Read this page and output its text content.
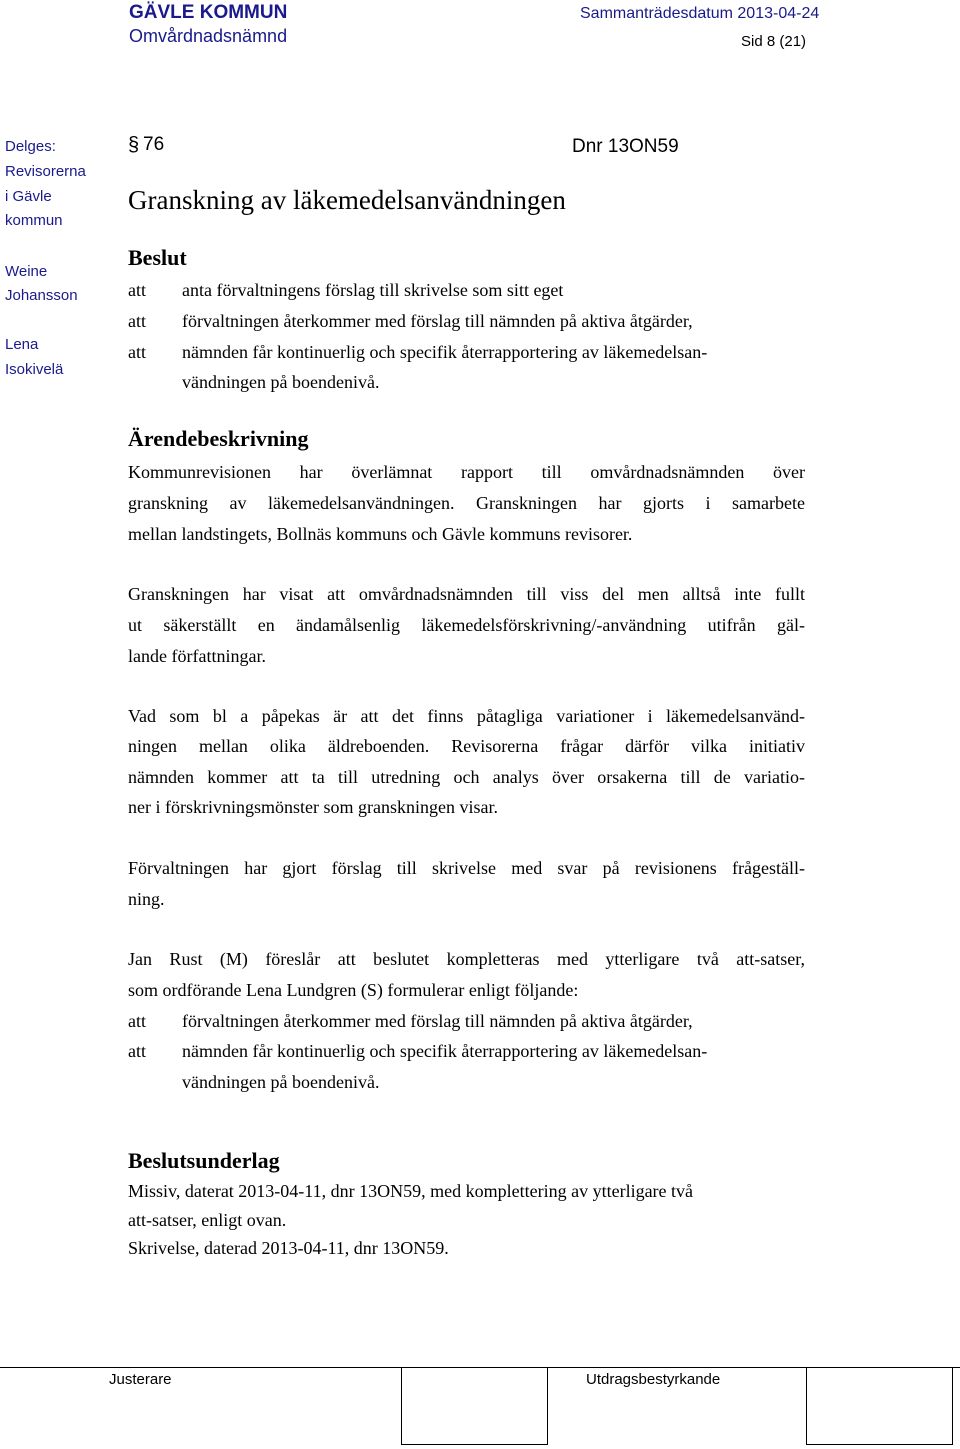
GÄVLE KOMMUN
Omvårdnadsnämnd
Sammanträdesdatum 2013-04-24
Sid 8 (21)
Delges:
Revisorerna
i Gävle
kommun
Weine
Johansson
Lena
Isokivelä
§ 76	Dnr 13ON59
Granskning av läkemedelsanvändningen
Beslut
att anta förvaltningens förslag till skrivelse som sitt eget
att förvaltningen återkommer med förslag till nämnden på aktiva åtgärder,
att nämnden får kontinuerlig och specifik återrapportering av läkemedelsan-
vändningen på boendenivå.
Ärendebeskrivning
Kommunrevisionen har överlämnat rapport till omvårdnadsnämnden över
granskning av läkemedelsanvändningen. Granskningen har gjorts i samarbete
mellan landstingets, Bollnäs kommuns och Gävle kommuns revisorer.
Granskningen har visat att omvårdnadsnämnden till viss del men alltså inte fullt
ut säkerställt en ändamålsenlig läkemedelsförskrivning/-användning utifrån gäl-
lande författningar.
Vad som bl a påpekas är att det finns påtagliga variationer i läkemedelsanvänd-
ningen mellan olika äldreboenden. Revisorerna frågar därför vilka initiativ
nämnden kommer att ta till utredning och analys över orsakerna till de variatio-
ner i förskrivningsmönster som granskningen visar.
Förvaltningen har gjort förslag till skrivelse med svar på revisionens frågeställ-
ning.
Jan Rust (M) föreslår att beslutet kompletteras med ytterligare två att-satser,
som ordförande Lena Lundgren (S) formulerar enligt följande:
att förvaltningen återkommer med förslag till nämnden på aktiva åtgärder,
att nämnden får kontinuerlig och specifik återrapportering av läkemedelsan-
vändningen på boendenivå.
Beslutsunderlag
Missiv, daterat 2013-04-11, dnr 13ON59, med komplettering av ytterligare två
att-satser, enligt ovan.
Skrivelse, daterad 2013-04-11, dnr 13ON59.
Justerare	Utdragsbestyrkande
